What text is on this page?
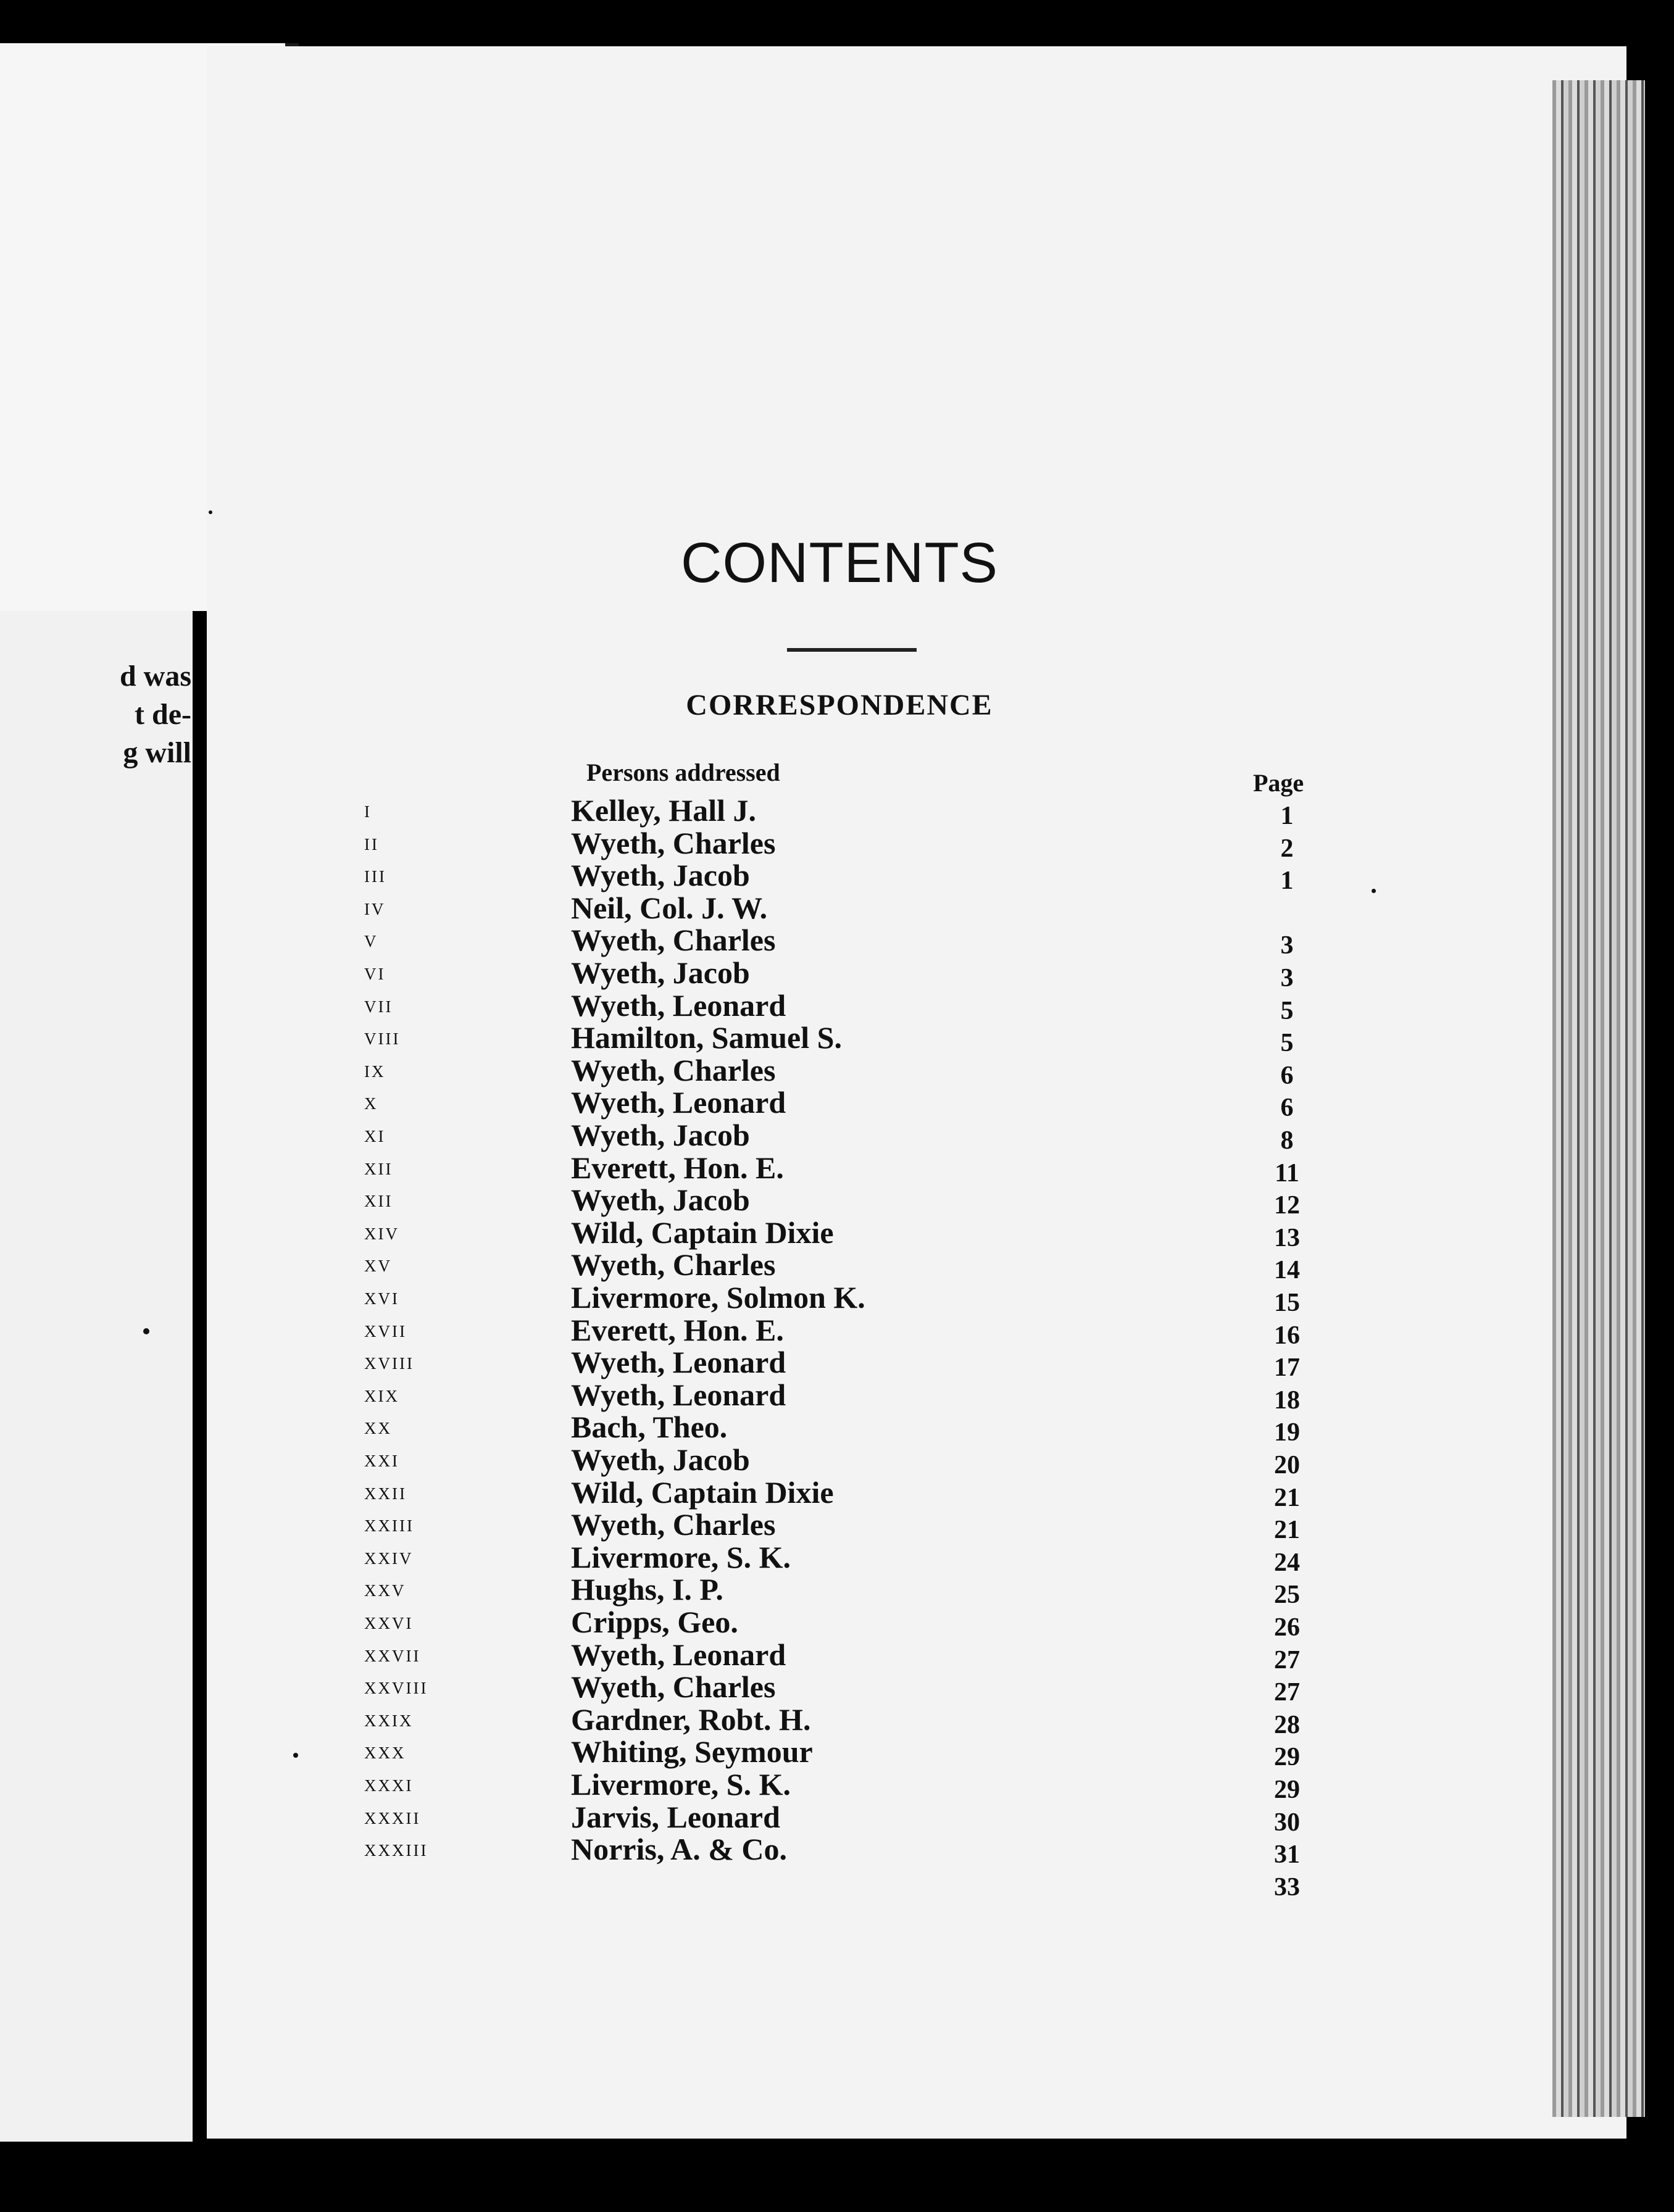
d was
t de-
g will
CONTENTS
CORRESPONDENCE
Persons addressed	Page
i	Kelley, Hall J.	1
ii	Wyeth, Charles	2
iii	Wyeth, Jacob	1
iv	Neil, Col. J. W.
v	Wyeth, Charles	3
vi	Wyeth, Jacob	3
vii	Wyeth, Leonard	5
viii	Hamilton, Samuel S.	5
ix	Wyeth, Charles	6
x	Wyeth, Leonard	6
xi	Wyeth, Jacob	8
xii	Everett, Hon. E.	11
xii	Wyeth, Jacob	12
xiv	Wild, Captain Dixie	13
xv	Wyeth, Charles	14
xvi	Livermore, Solmon K.	15
xvii	Everett, Hon. E.	16
xviii	Wyeth, Leonard	17
xix	Wyeth, Leonard	18
xx	Bach, Theo.	19
xxi	Wyeth, Jacob	20
xxii	Wild, Captain Dixie	21
xxiii	Wyeth, Charles	21
xxiv	Livermore, S. K.	24
xxv	Hughs, I. P.	25
xxvi	Cripps, Geo.	26
xxvii	Wyeth, Leonard	27
xxviii	Wyeth, Charles	27
xxix	Gardner, Robt. H.	28
xxx	Whiting, Seymour	29
xxxi	Livermore, S. K.	29
xxxii	Jarvis, Leonard	30
xxxiii	Norris, A. & Co.	31
33
